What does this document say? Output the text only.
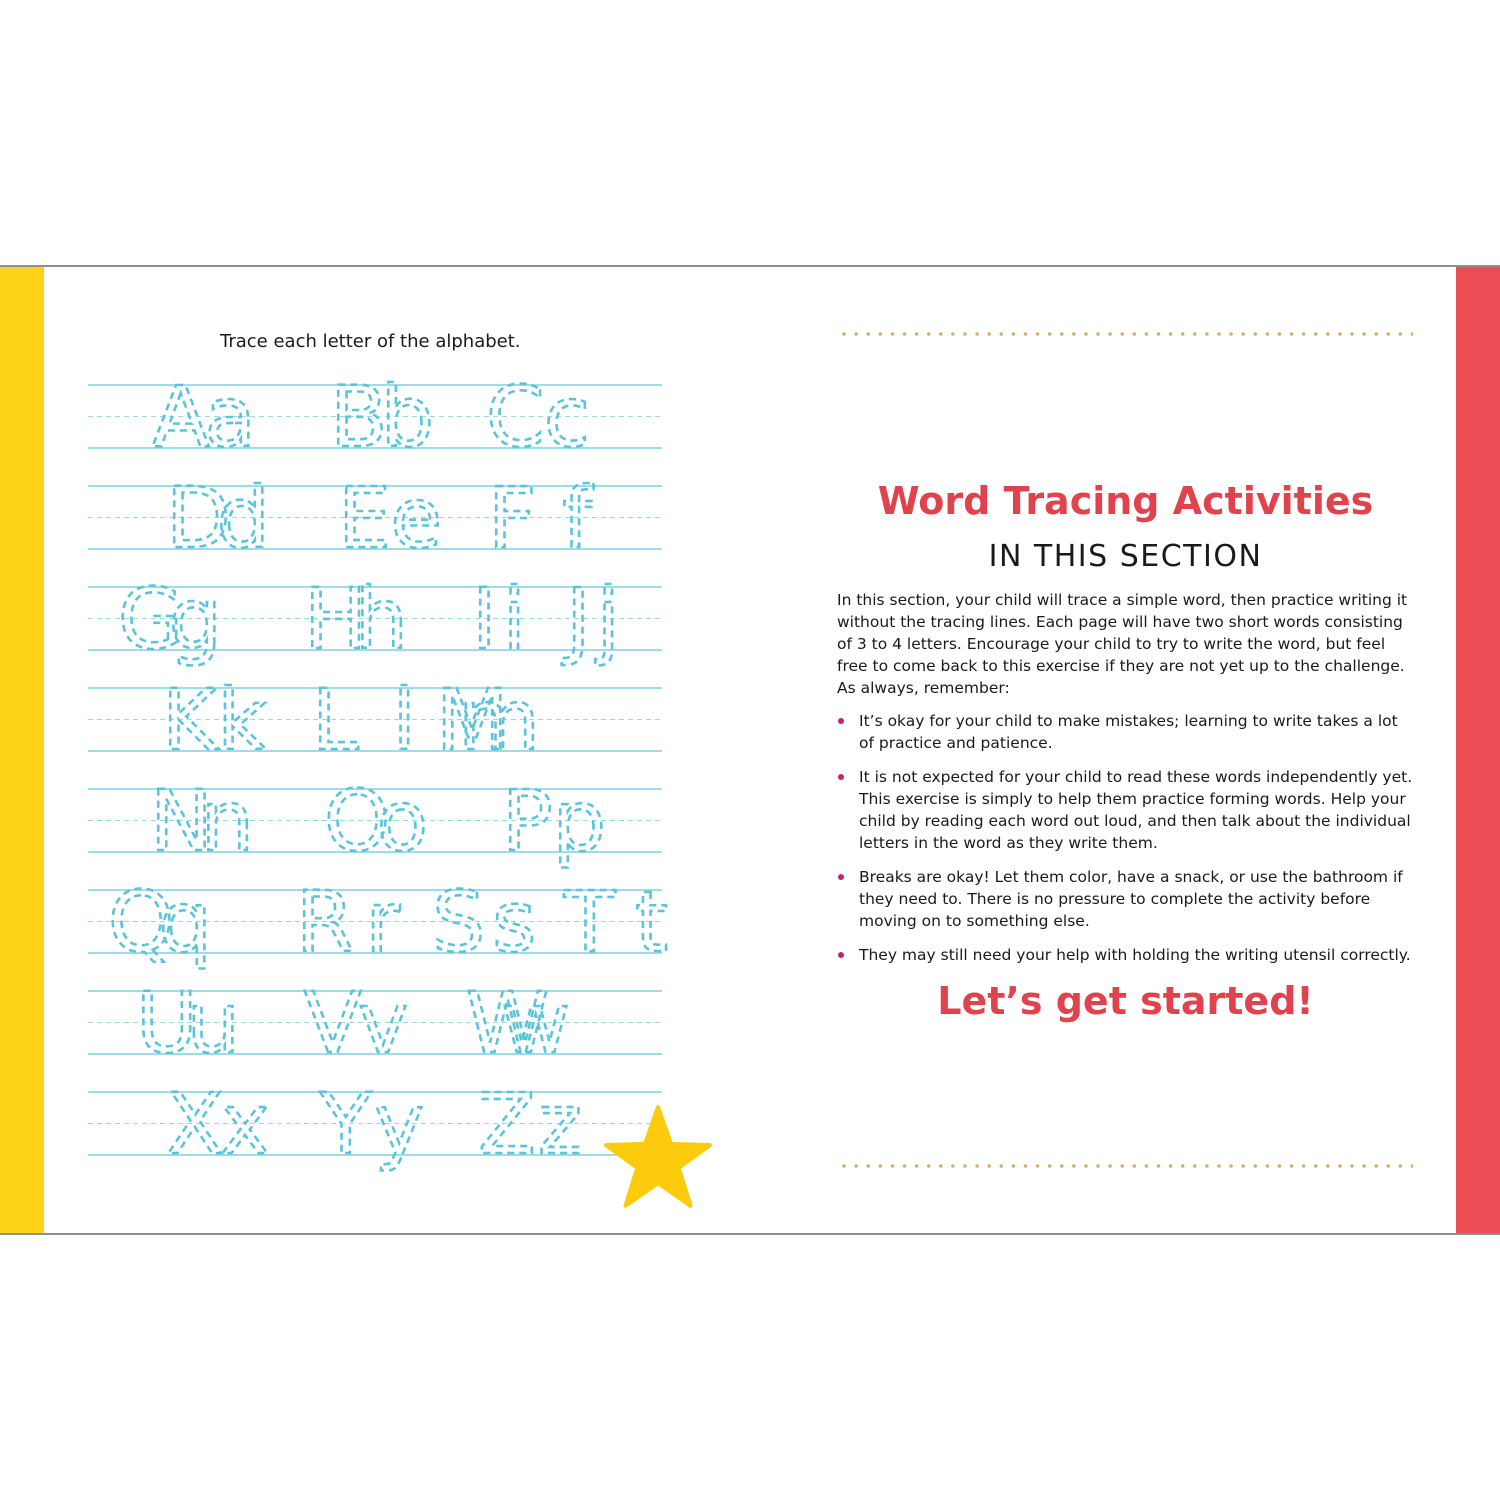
Trace each letter of the alphabet.
Aa Bb Cc
Dd Ee Ff
Gg Hh Ii Jj
Kk Ll Mm
Nn Oo Pp
Qq Rr Ss Tt
Uu Vv Ww
Xx Yy Zz
Word Tracing Activities
IN THIS SECTION
In this section, your child will trace a simple word, then practice writing it without the tracing lines. Each page will have two short words consisting of 3 to 4 letters. Encourage your child to try to write the word, but feel free to come back to this exercise if they are not yet up to the challenge. As always, remember:
It’s okay for your child to make mistakes; learning to write takes a lot of practice and patience.
It is not expected for your child to read these words independently yet. This exercise is simply to help them practice forming words. Help your child by reading each word out loud, and then talk about the individual letters in the word as they write them.
Breaks are okay! Let them color, have a snack, or use the bathroom if they need to. There is no pressure to complete the activity before moving on to something else.
They may still need your help with holding the writing utensil correctly.
Let’s get started!
